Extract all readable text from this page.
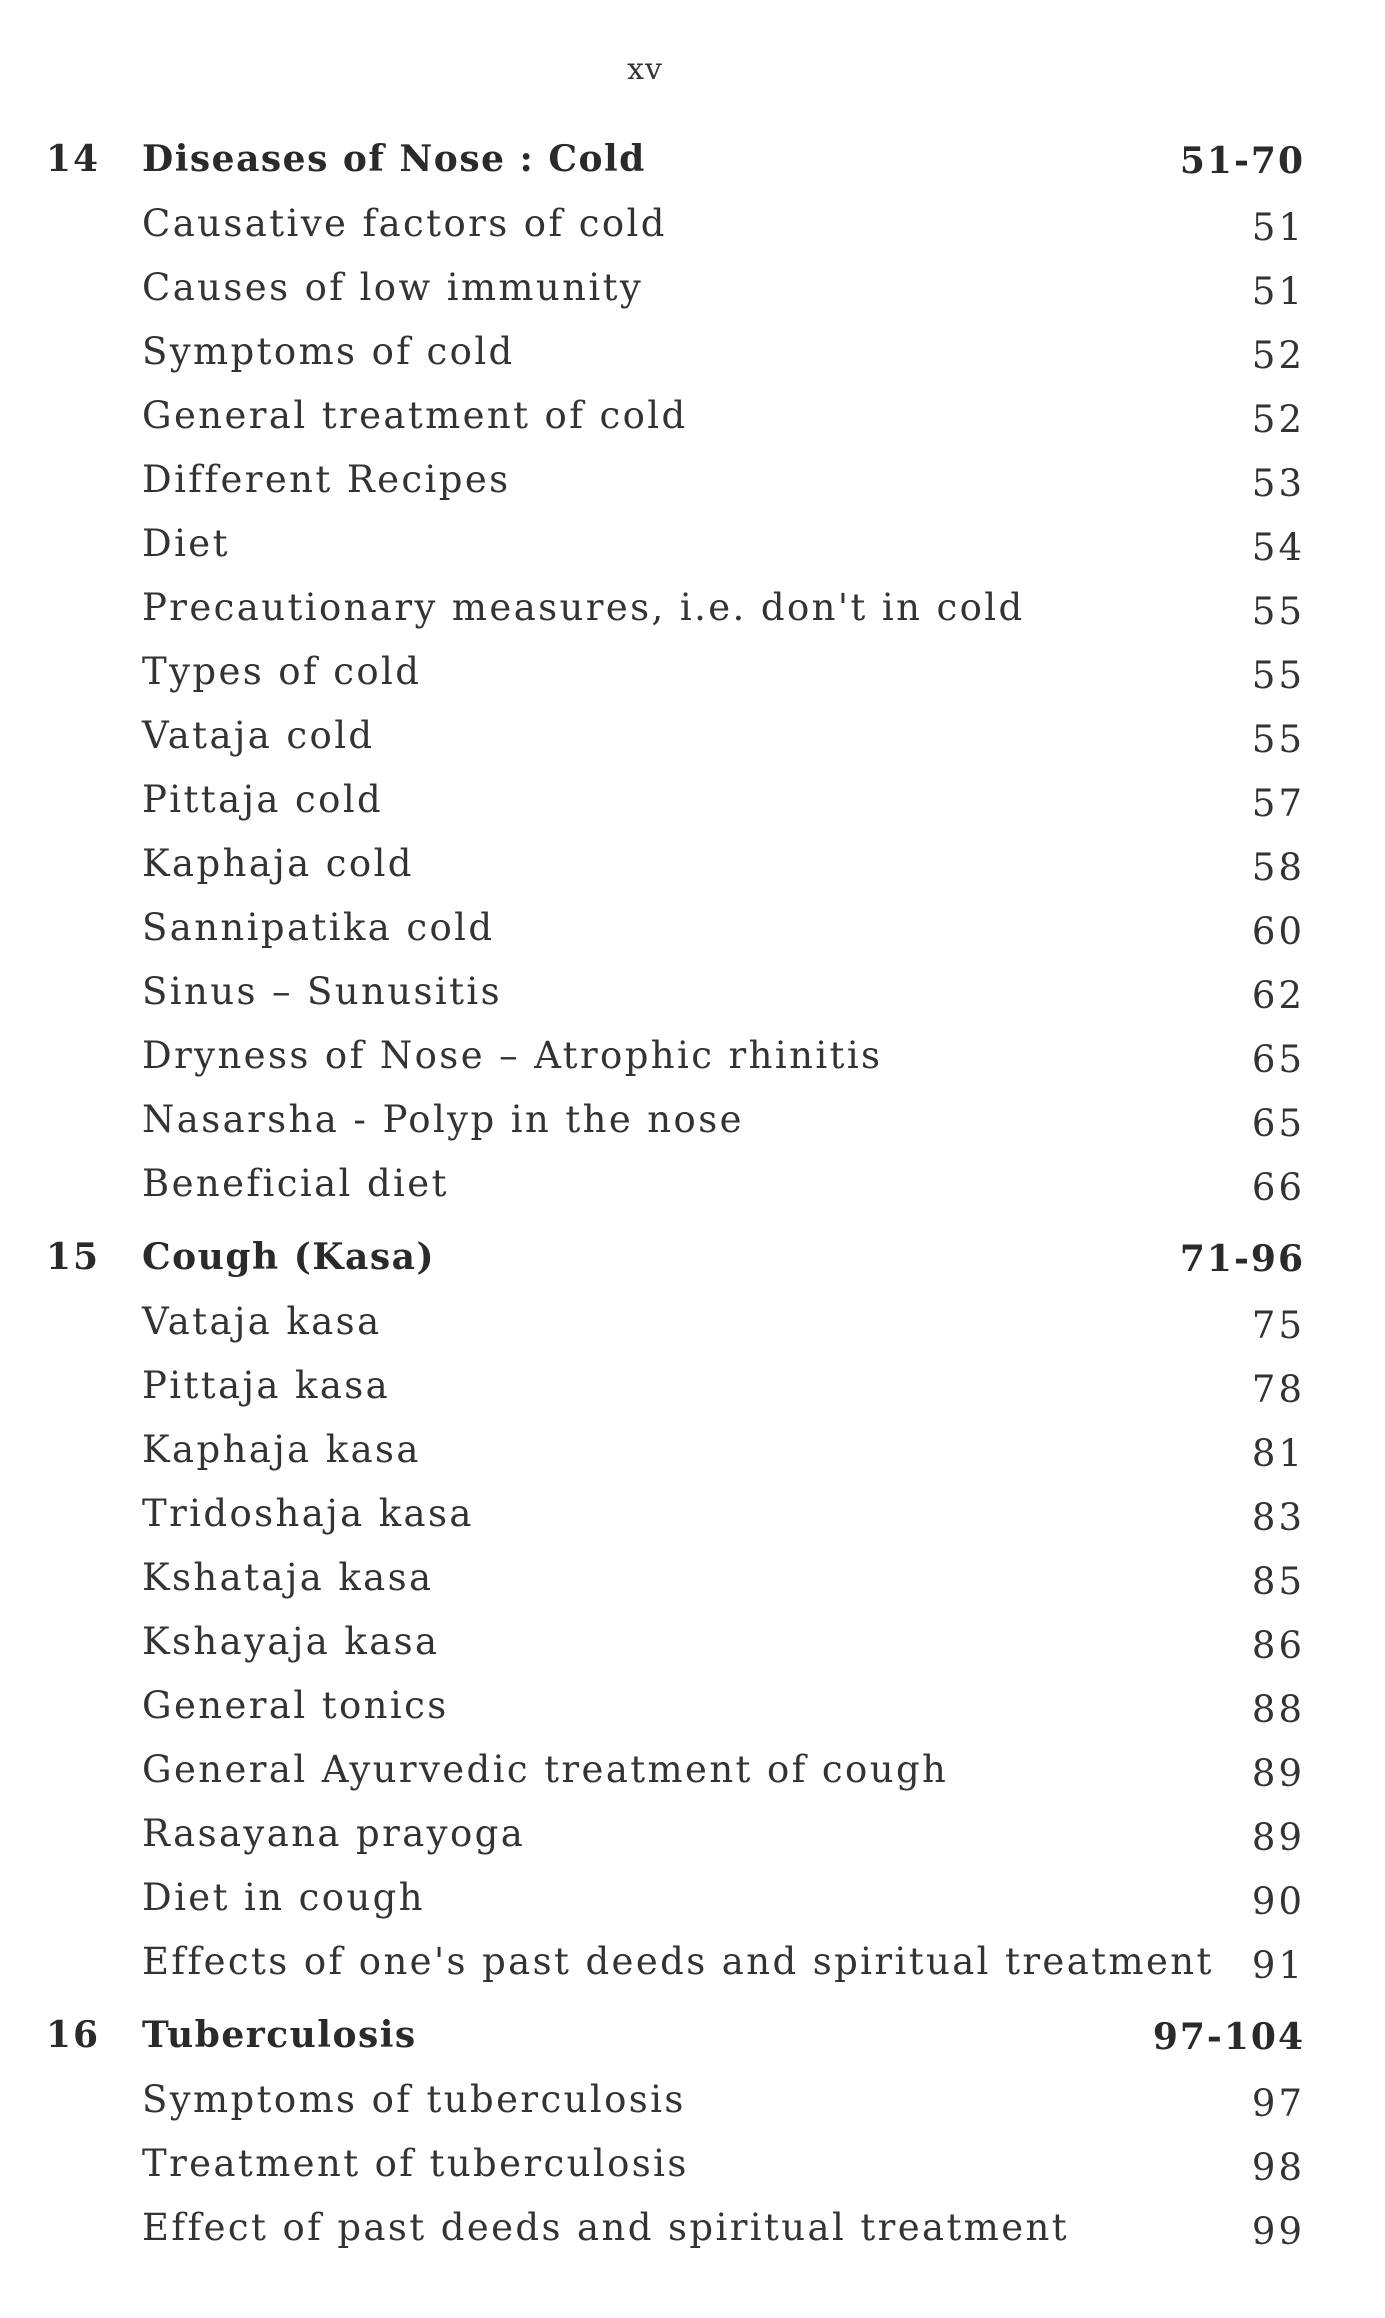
xv
14 Diseases of Nose : Cold	51-70
Causative factors of cold	51
Causes of low immunity	51
Symptoms of cold	52
General treatment of cold	52
Different Recipes	53
Diet	54
Precautionary measures, i.e. don't in cold	55
Types of cold	55
Vataja cold	55
Pittaja cold	57
Kaphaja cold	58
Sannipatika cold	60
Sinus – Sunusitis	62
Dryness of Nose – Atrophic rhinitis	65
Nasarsha - Polyp in the nose	65
Beneficial diet	66
15 Cough (Kasa)	71-96
Vataja kasa	75
Pittaja kasa	78
Kaphaja kasa	81
Tridoshaja kasa	83
Kshataja kasa	85
Kshayaja kasa	86
General tonics	88
General Ayurvedic treatment of cough	89
Rasayana prayoga	89
Diet in cough	90
Effects of one's past deeds and spiritual treatment 91
16 Tuberculosis	97-104
Symptoms of tuberculosis	97
Treatment of tuberculosis	98
Effect of past deeds and spiritual treatment	99
